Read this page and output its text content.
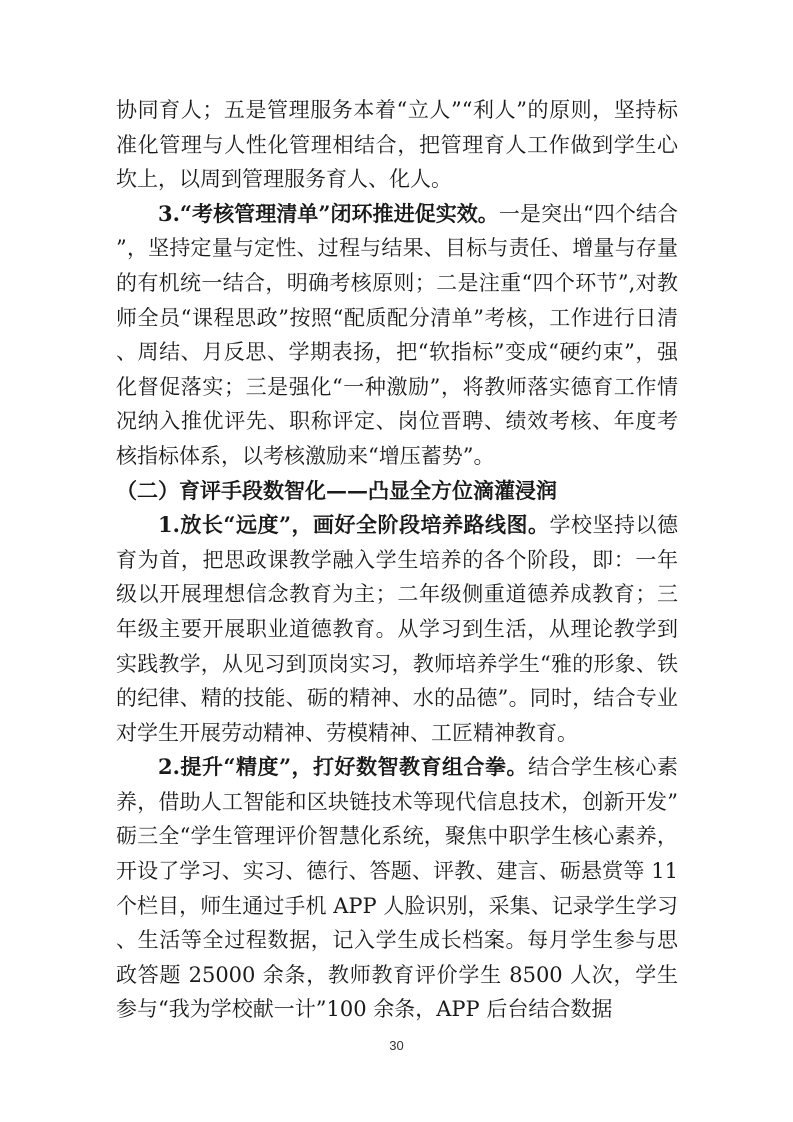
协同育人；五是管理服务本着“立人”“利人”的原则，坚持标准化管理与人性化管理相结合，把管理育人工作做到学生心坎上，以周到管理服务育人、化人。

3.“考核管理清单”闭环推进促实效。一是突出“四个结合”，坚持定量与定性、过程与结果、目标与责任、增量与存量的有机统一结合，明确考核原则；二是注重“四个环节”,对教师全员“课程思政”按照“配质配分清单”考核，工作进行日清、周结、月反思、学期表扬，把“软指标”变成“硬约束”，强化督促落实；三是强化“一种激励”，将教师落实德育工作情况纳入推优评先、职称评定、岗位晋聘、绩效考核、年度考核指标体系，以考核激励来“增压蓄势”。

（二）育评手段数智化——凸显全方位滴灌浸润

1.放长“远度”，画好全阶段培养路线图。学校坚持以德育为首，把思政课教学融入学生培养的各个阶段，即：一年级以开展理想信念教育为主；二年级侧重道德养成教育；三年级主要开展职业道德教育。从学习到生活，从理论教学到实践教学，从见习到顶岗实习，教师培养学生“雅的形象、铁的纪律、精的技能、砺的精神、水的品德”。同时，结合专业对学生开展劳动精神、劳模精神、工匠精神教育。

2.提升“精度”，打好数智教育组合拳。结合学生核心素养，借助人工智能和区块链技术等现代信息技术，创新开发”砺三全“学生管理评价智慧化系统，聚焦中职学生核心素养，开设了学习、实习、德行、答题、评教、建言、砺悬赏等 11 个栏目，师生通过手机 APP 人脸识别，采集、记录学生学习、生活等全过程数据，记入学生成长档案。每月学生参与思政答题 25000 余条，教师教育评价学生 8500 人次，学生参与“我为学校献一计”100 余条，APP 后台结合数据

30
